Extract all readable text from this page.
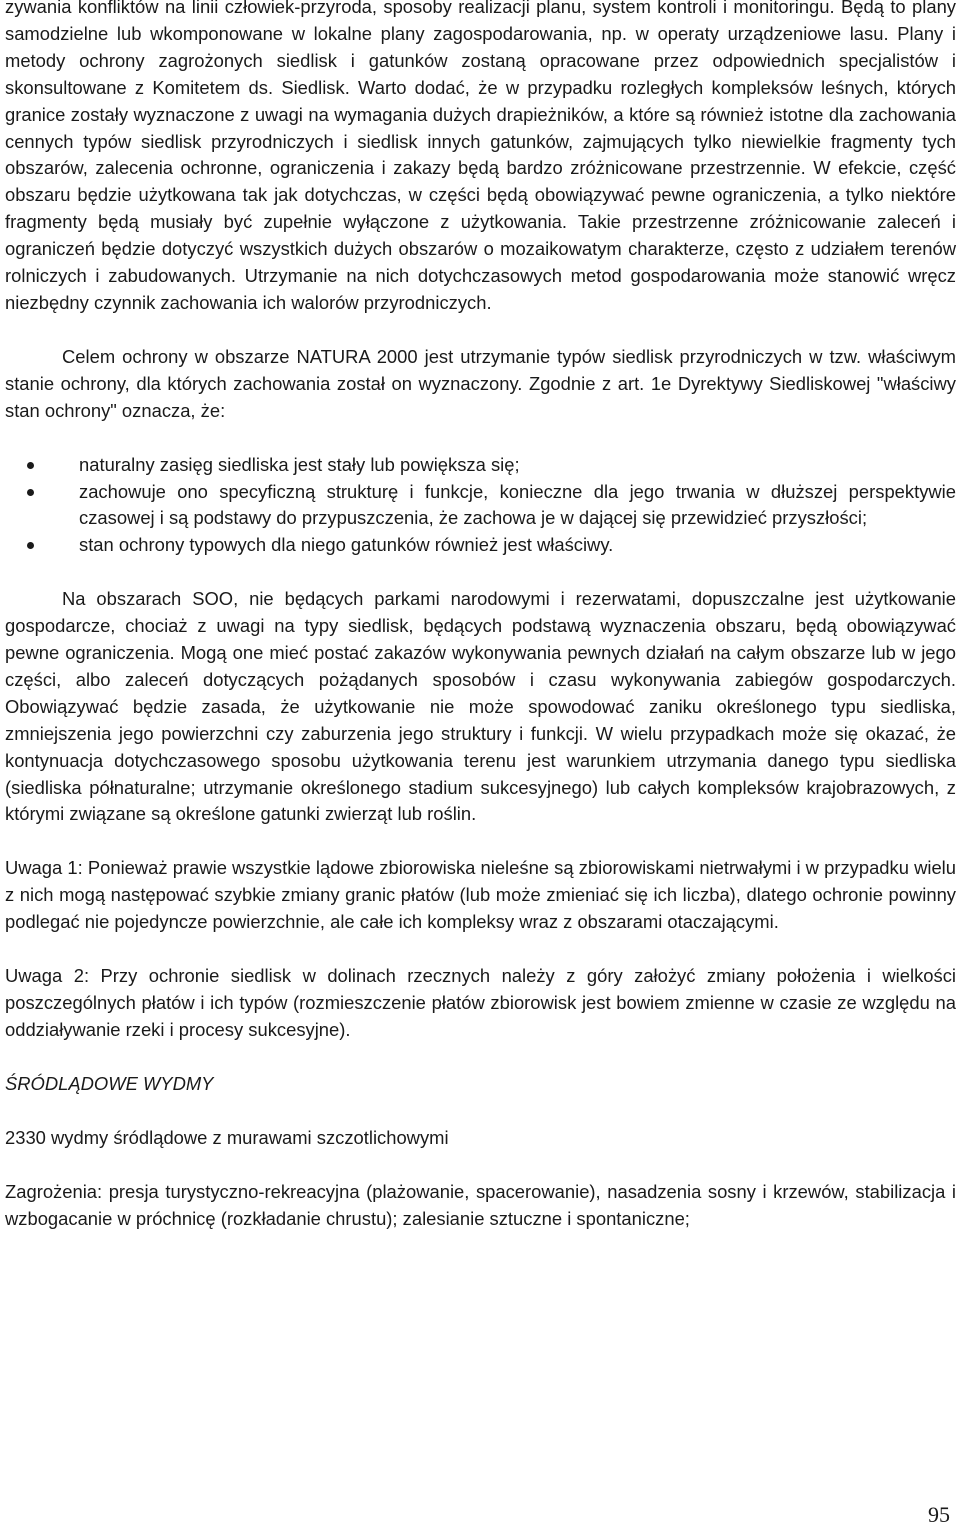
zywania konfliktów na linii człowiek-przyroda, sposoby realizacji planu, system kontroli i monitoringu. Będą to plany samodzielne lub wkomponowane w lokalne plany zagospodarowania, np. w operaty urządzeniowe lasu. Plany i metody ochrony zagrożonych siedlisk i gatunków zostaną opracowane przez odpowiednich specjalistów i skonsultowane z Komitetem ds. Siedlisk. Warto dodać, że w przypadku rozległych kompleksów leśnych, których granice zostały wyznaczone z uwagi na wymagania dużych drapieżników, a które są również istotne dla zachowania cennych typów siedlisk przyrodniczych i siedlisk innych gatunków, zajmujących tylko niewielkie fragmenty tych obszarów, zalecenia ochronne, ograniczenia i zakazy będą bardzo zróżnicowane przestrzennie. W efekcie, część obszaru będzie użytkowana tak jak dotychczas, w części będą obowiązywać pewne ograniczenia, a tylko niektóre fragmenty będą musiały być zupełnie wyłączone z użytkowania. Takie przestrzenne zróżnicowanie zaleceń i ograniczeń będzie dotyczyć wszystkich dużych obszarów o mozaikowatym charakterze, często z udziałem terenów rolniczych i zabudowanych. Utrzymanie na nich dotychczasowych metod gospodarowania może stanowić wręcz niezbędny czynnik zachowania ich walorów przyrodniczych.

Celem ochrony w obszarze NATURA 2000 jest utrzymanie typów siedlisk przyrodniczych w tzw. właściwym stanie ochrony, dla których zachowania został on wyznaczony. Zgodnie z art. 1e Dyrektywy Siedliskowej "właściwy stan ochrony" oznacza, że:

naturalny zasięg siedliska jest stały lub powiększa się;
zachowuje ono specyficzną strukturę i funkcje, konieczne dla jego trwania w dłuższej perspektywie czasowej i są podstawy do przypuszczenia, że zachowa je w dającej się przewidzieć przyszłości;
stan ochrony typowych dla niego gatunków również jest właściwy.

Na obszarach SOO, nie będących parkami narodowymi i rezerwatami, dopuszczalne jest użytkowanie gospodarcze, chociaż z uwagi na typy siedlisk, będących podstawą wyznaczenia obszaru, będą obowiązywać pewne ograniczenia. Mogą one mieć postać zakazów wykonywania pewnych działań na całym obszarze lub w jego części, albo zaleceń dotyczących pożądanych sposobów i czasu wykonywania zabiegów gospodarczych. Obowiązywać będzie zasada, że użytkowanie nie może spowodować zaniku określonego typu siedliska, zmniejszenia jego powierzchni czy zaburzenia jego struktury i funkcji. W wielu przypadkach może się okazać, że kontynuacja dotychczasowego sposobu użytkowania terenu jest warunkiem utrzymania danego typu siedliska (siedliska półnaturalne; utrzymanie określonego stadium sukcesyjnego) lub całych kompleksów krajobrazowych, z którymi związane są określone gatunki zwierząt lub roślin.

Uwaga 1: Ponieważ prawie wszystkie lądowe zbiorowiska nieleśne są zbiorowiskami nietrwałymi i w przypadku wielu z nich mogą następować szybkie zmiany granic płatów (lub może zmieniać się ich liczba), dlatego ochronie powinny podlegać nie pojedyncze powierzchnie, ale całe ich kompleksy wraz z obszarami otaczającymi.

Uwaga 2: Przy ochronie siedlisk w dolinach rzecznych należy z góry założyć zmiany położenia i wielkości poszczególnych płatów i ich typów (rozmieszczenie płatów zbiorowisk jest bowiem zmienne w czasie ze względu na oddziaływanie rzeki i procesy sukcesyjne).

ŚRÓDLĄDOWE WYDMY

2330 wydmy śródlądowe z murawami szczotlichowymi

Zagrożenia: presja turystyczno-rekreacyjna (plażowanie, spacerowanie), nasadzenia sosny i krzewów, stabilizacja i wzbogacanie w próchnicę (rozkładanie chrustu); zalesianie sztuczne i spontaniczne;

95
